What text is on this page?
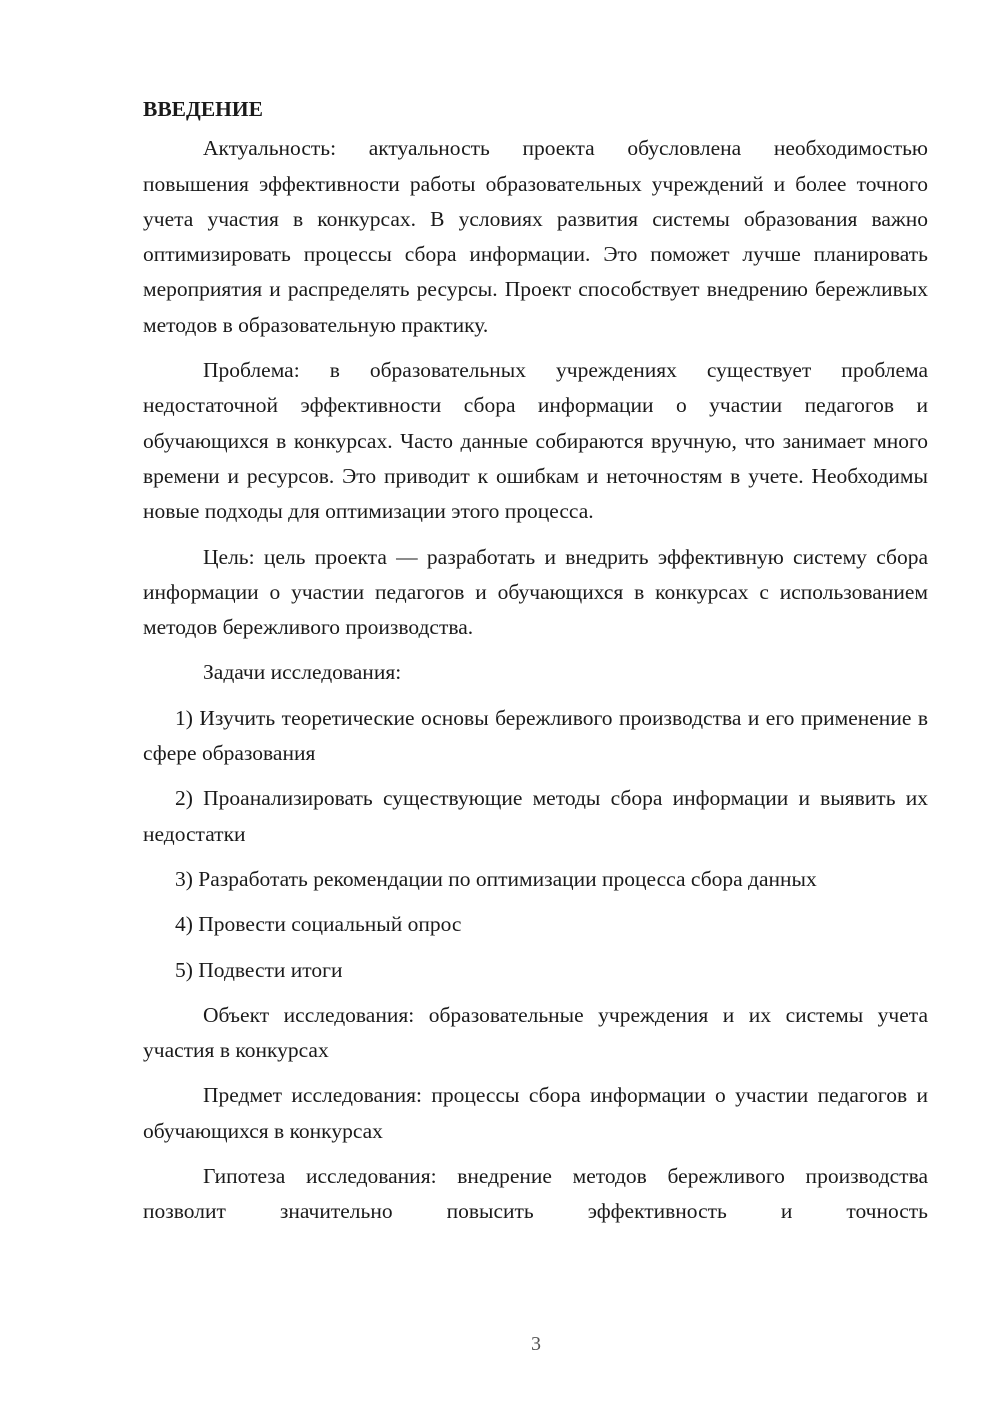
ВВЕДЕНИЕ

Актуальность: актуальность проекта обусловлена необходимостью повышения эффективности работы образовательных учреждений и более точного учета участия в конкурсах. В условиях развития системы образования важно оптимизировать процессы сбора информации. Это поможет лучше планировать мероприятия и распределять ресурсы. Проект способствует внедрению бережливых методов в образовательную практику.

Проблема: в образовательных учреждениях существует проблема недостаточной эффективности сбора информации о участии педагогов и обучающихся в конкурсах. Часто данные собираются вручную, что занимает много времени и ресурсов. Это приводит к ошибкам и неточностям в учете. Необходимы новые подходы для оптимизации этого процесса.

Цель: цель проекта — разработать и внедрить эффективную систему сбора информации о участии педагогов и обучающихся в конкурсах с использованием методов бережливого производства.

Задачи исследования:

1) Изучить теоретические основы бережливого производства и его применение в сфере образования

2) Проанализировать существующие методы сбора информации и выявить их недостатки

3) Разработать рекомендации по оптимизации процесса сбора данных

4) Провести социальный опрос

5) Подвести итоги

Объект исследования: образовательные учреждения и их системы учета участия в конкурсах

Предмет исследования: процессы сбора информации о участии педагогов и обучающихся в конкурсах

Гипотеза исследования: внедрение методов бережливого производства позволит значительно повысить эффективность и точность

3
